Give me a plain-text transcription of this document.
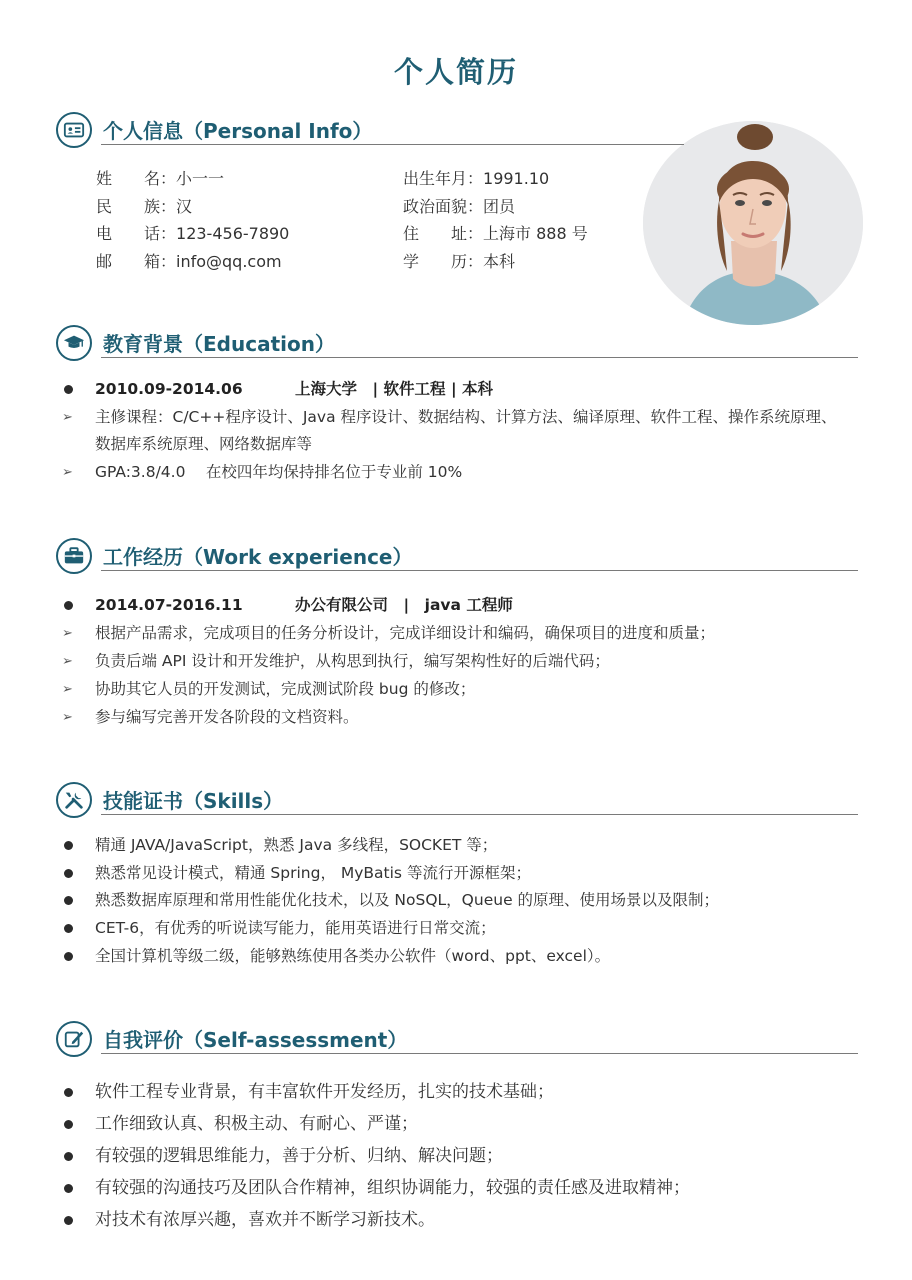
个人简历
个人信息（Personal Info）
姓　　名：小一一
民　　族：汉
电　　话：123-456-7890
邮　　箱：info@qq.com
出生年月：1991.10
政治面貌：团员
住　　址：上海市 888 号
学　　历：本科
教育背景（Education）
2010.09-2014.06	上海大学　| 软件工程 | 本科
➢	主修课程：C/C++程序设计、Java 程序设计、数据结构、计算方法、编译原理、软件工程、操作系统原理、
数据库系统原理、网络数据库等
➢	GPA:3.8/4.0　 在校四年均保持排名位于专业前 10%
工作经历（Work experience）
2014.07-2016.11	办公有限公司　|　java 工程师
➢	根据产品需求，完成项目的任务分析设计，完成详细设计和编码，确保项目的进度和质量；
➢	负责后端 API 设计和开发维护，从构思到执行，编写架构性好的后端代码；
➢	协助其它人员的开发测试，完成测试阶段 bug 的修改；
➢	参与编写完善开发各阶段的文档资料。
技能证书（Skills）
精通 JAVA/JavaScript，熟悉 Java 多线程，SOCKET 等；
熟悉常见设计模式，精通 Spring， MyBatis 等流行开源框架；
熟悉数据库原理和常用性能优化技术，以及 NoSQL，Queue 的原理、使用场景以及限制；
CET-6，有优秀的听说读写能力，能用英语进行日常交流；
全国计算机等级二级，能够熟练使用各类办公软件（word、ppt、excel）。
自我评价（Self-assessment）
软件工程专业背景，有丰富软件开发经历，扎实的技术基础；
工作细致认真、积极主动、有耐心、严谨；
有较强的逻辑思维能力，善于分析、归纳、解决问题；
有较强的沟通技巧及团队合作精神，组织协调能力，较强的责任感及进取精神；
对技术有浓厚兴趣，喜欢并不断学习新技术。
